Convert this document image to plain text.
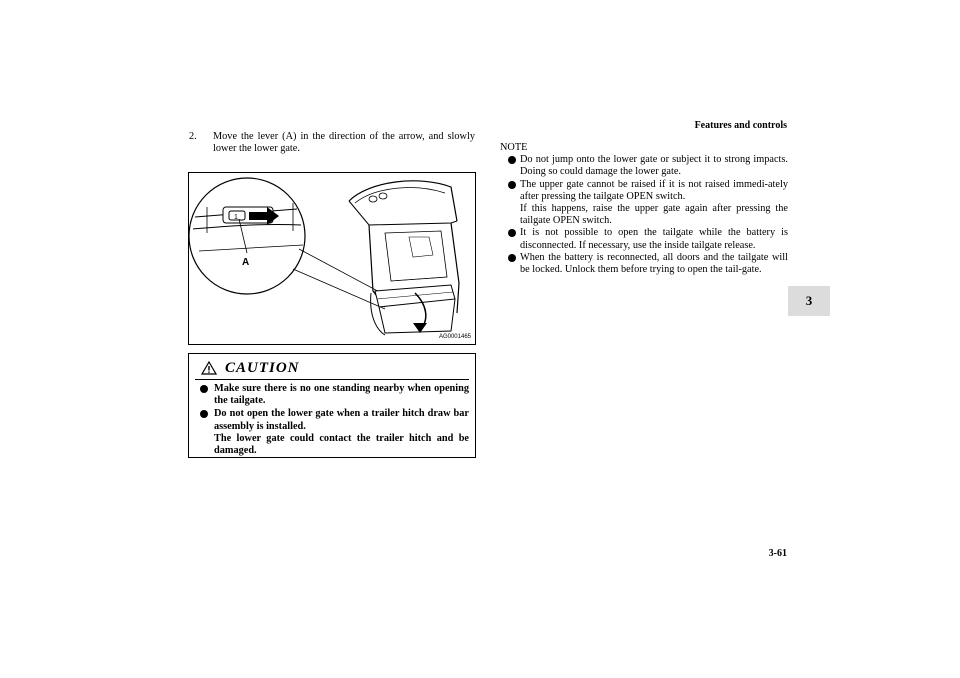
Features and controls
3
2. Move the lever (A) in the direction of the arrow, and slowly lower the lower gate.
1
A
AG0001465
CAUTION
Make sure there is no one standing nearby when opening the tailgate.
Do not open the lower gate when a trailer hitch draw bar assembly is installed.
The lower gate could contact the trailer hitch and be damaged.
NOTE
Do not jump onto the lower gate or subject it to strong impacts. Doing so could damage the lower gate.
The upper gate cannot be raised if it is not raised immedi-ately after pressing the tailgate OPEN switch.
If this happens, raise the upper gate again after pressing the tailgate OPEN switch.
It is not possible to open the tailgate while the battery is disconnected. If necessary, use the inside tailgate release.
When the battery is reconnected, all doors and the tailgate will be locked. Unlock them before trying to open the tail-gate.
3-61
